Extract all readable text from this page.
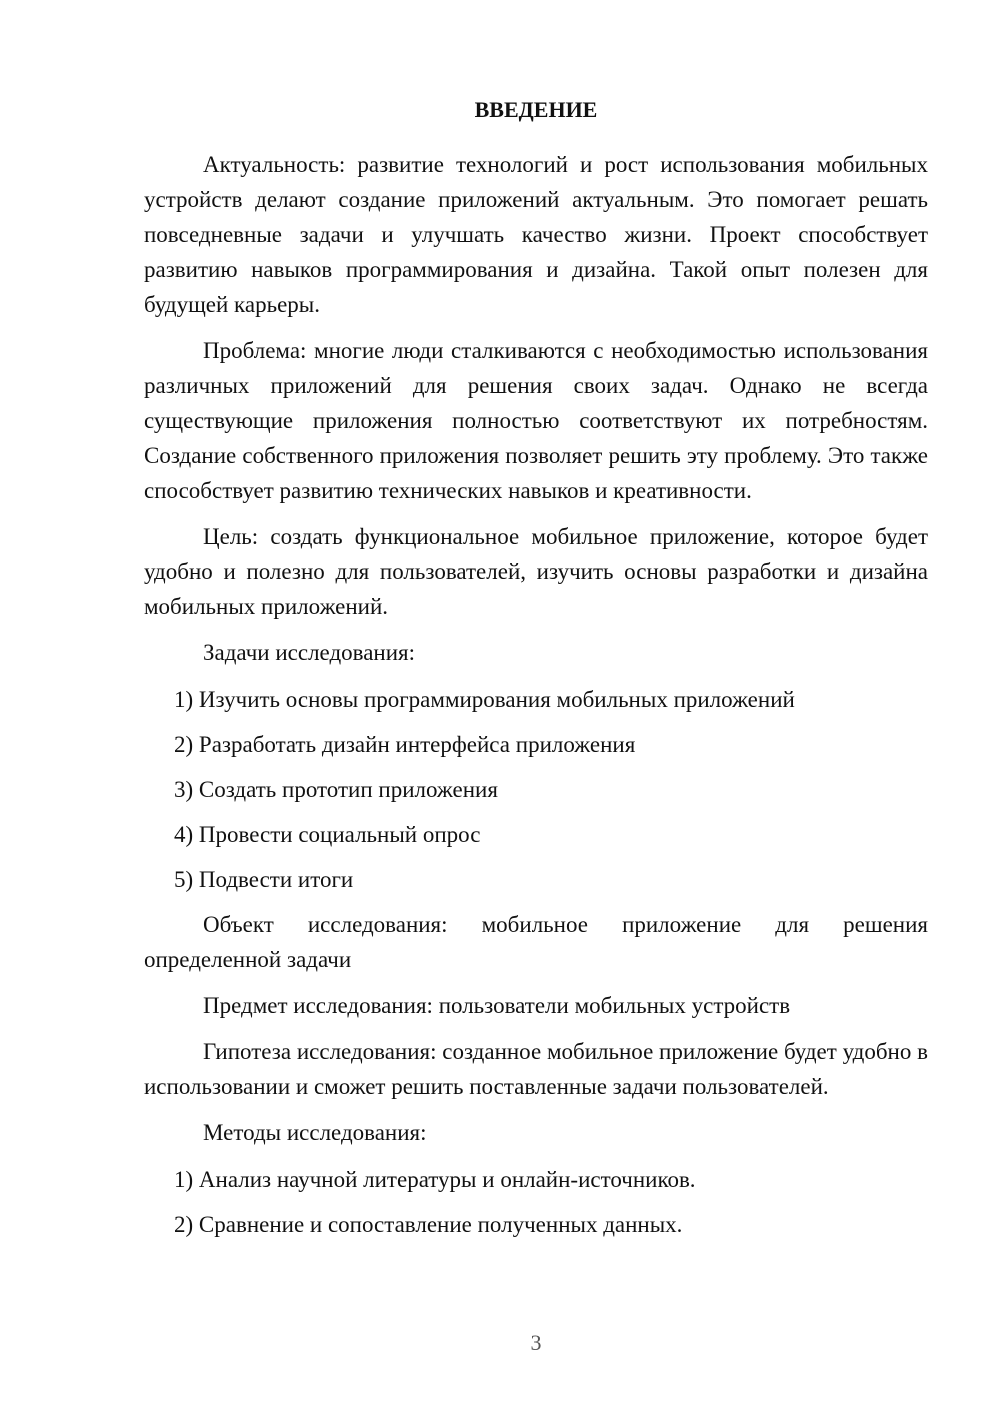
ВВЕДЕНИЕ

Актуальность: развитие технологий и рост использования мобильных устройств делают создание приложений актуальным. Это помогает решать повседневные задачи и улучшать качество жизни. Проект способствует развитию навыков программирования и дизайна. Такой опыт полезен для будущей карьеры.

Проблема: многие люди сталкиваются с необходимостью использования различных приложений для решения своих задач. Однако не всегда существующие приложения полностью соответствуют их потребностям. Создание собственного приложения позволяет решить эту проблему. Это также способствует развитию технических навыков и креативности.

Цель: создать функциональное мобильное приложение, которое будет удобно и полезно для пользователей, изучить основы разработки и дизайна мобильных приложений.

Задачи исследования:

1) Изучить основы программирования мобильных приложений
2) Разработать дизайн интерфейса приложения
3) Создать прототип приложения
4) Провести социальный опрос
5) Подвести итоги

Объект исследования: мобильное приложение для решения определенной задачи

Предмет исследования: пользователи мобильных устройств

Гипотеза исследования: созданное мобильное приложение будет удобно в использовании и сможет решить поставленные задачи пользователей.

Методы исследования:

1) Анализ научной литературы и онлайн-источников.
2) Сравнение и сопоставление полученных данных.
3
